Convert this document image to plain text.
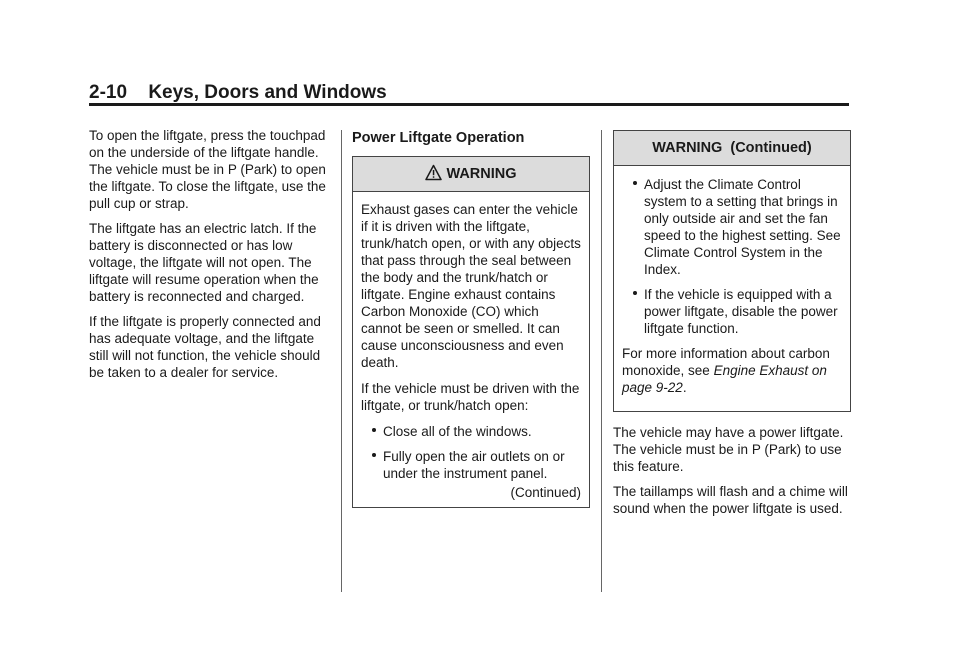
2-10 Keys, Doors and Windows

To open the liftgate, press the touchpad on the underside of the liftgate handle. The vehicle must be in P (Park) to open the liftgate. To close the liftgate, use the pull cup or strap.

The liftgate has an electric latch. If the battery is disconnected or has low voltage, the liftgate will not open. The liftgate will resume operation when the battery is reconnected and charged.

If the liftgate is properly connected and has adequate voltage, and the liftgate still will not function, the vehicle should be taken to a dealer for service.

Power Liftgate Operation
WARNING

Exhaust gases can enter the vehicle if it is driven with the liftgate, trunk/hatch open, or with any objects that pass through the seal between the body and the trunk/hatch or liftgate. Engine exhaust contains Carbon Monoxide (CO) which cannot be seen or smelled. It can cause unconsciousness and even death.

If the vehicle must be driven with the liftgate, or trunk/hatch open:

Close all of the windows.
Fully open the air outlets on or under the instrument panel.
(Continued)
WARNING  (Continued)
Adjust the Climate Control system to a setting that brings in only outside air and set the fan speed to the highest setting. See Climate Control System in the Index.
If the vehicle is equipped with a power liftgate, disable the power liftgate function.

For more information about carbon monoxide, see Engine Exhaust on page 9-22.

The vehicle may have a power liftgate. The vehicle must be in P (Park) to use this feature.

The taillamps will flash and a chime will sound when the power liftgate is used.
